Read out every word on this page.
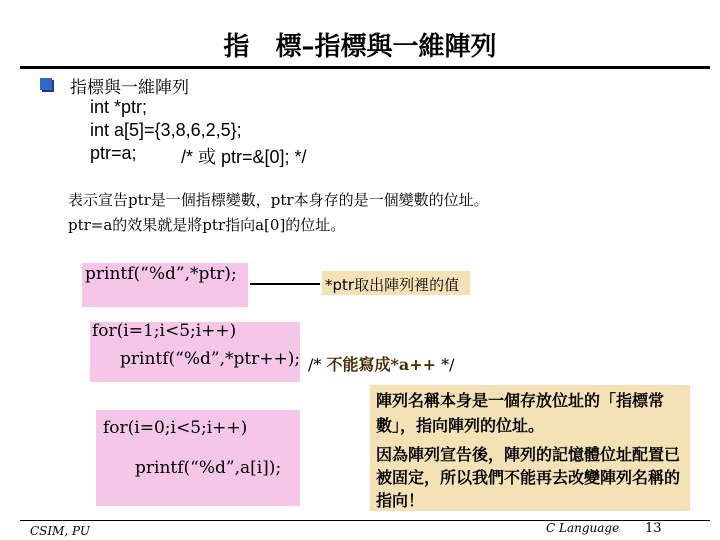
指　標–指標與一維陣列
指標與一維陣列
int *ptr;
int a[5]={3,8,6,2,5};
ptr=a; /* 或 ptr=&[0]; */
表示宣告ptr是一個指標變數，ptr本身存的是一個變數的位址。
ptr=a的效果就是將ptr指向a[0]的位址。
printf(“%d”,*ptr);
*ptr取出陣列裡的值
for(i=1;i<5;i++)
printf(“%d”,*ptr++); /* 不能寫成*a++ */
for(i=0;i<5;i++)
printf(“%d”,a[i]);
陣列名稱本身是一個存放位址的「指標常數」，指向陣列的位址。
因為陣列宣告後，陣列的記憶體位址配置已被固定，所以我們不能再去改變陣列名稱的指向！
CSIM, PU	C Language 13
